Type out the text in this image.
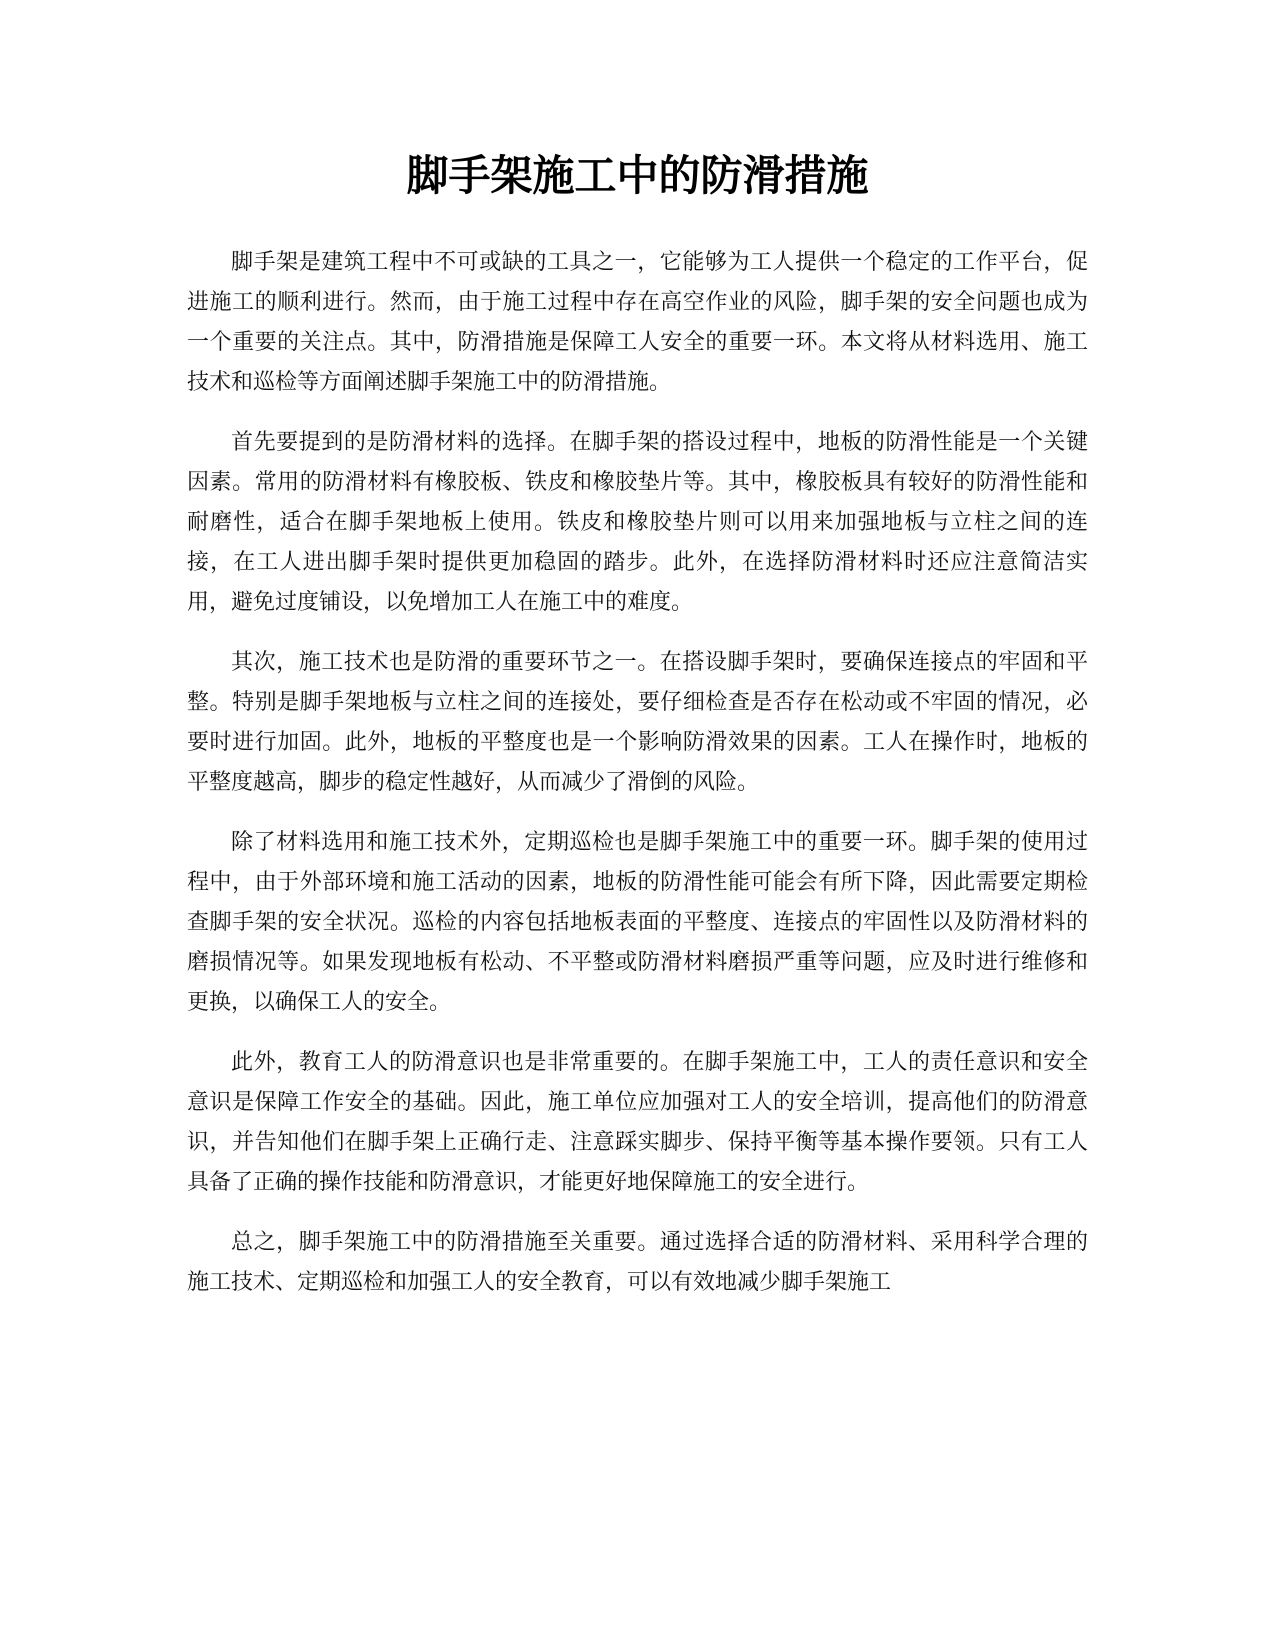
脚手架施工中的防滑措施

脚手架是建筑工程中不可或缺的工具之一，它能够为工人提供一个稳定的工作平台，促进施工的顺利进行。然而，由于施工过程中存在高空作业的风险，脚手架的安全问题也成为一个重要的关注点。其中，防滑措施是保障工人安全的重要一环。本文将从材料选用、施工技术和巡检等方面阐述脚手架施工中的防滑措施。

首先要提到的是防滑材料的选择。在脚手架的搭设过程中，地板的防滑性能是一个关键因素。常用的防滑材料有橡胶板、铁皮和橡胶垫片等。其中，橡胶板具有较好的防滑性能和耐磨性，适合在脚手架地板上使用。铁皮和橡胶垫片则可以用来加强地板与立柱之间的连接，在工人进出脚手架时提供更加稳固的踏步。此外，在选择防滑材料时还应注意简洁实用，避免过度铺设，以免增加工人在施工中的难度。

其次，施工技术也是防滑的重要环节之一。在搭设脚手架时，要确保连接点的牢固和平整。特别是脚手架地板与立柱之间的连接处，要仔细检查是否存在松动或不牢固的情况，必要时进行加固。此外，地板的平整度也是一个影响防滑效果的因素。工人在操作时，地板的平整度越高，脚步的稳定性越好，从而减少了滑倒的风险。

除了材料选用和施工技术外，定期巡检也是脚手架施工中的重要一环。脚手架的使用过程中，由于外部环境和施工活动的因素，地板的防滑性能可能会有所下降，因此需要定期检查脚手架的安全状况。巡检的内容包括地板表面的平整度、连接点的牢固性以及防滑材料的磨损情况等。如果发现地板有松动、不平整或防滑材料磨损严重等问题，应及时进行维修和更换，以确保工人的安全。

此外，教育工人的防滑意识也是非常重要的。在脚手架施工中，工人的责任意识和安全意识是保障工作安全的基础。因此，施工单位应加强对工人的安全培训，提高他们的防滑意识，并告知他们在脚手架上正确行走、注意踩实脚步、保持平衡等基本操作要领。只有工人具备了正确的操作技能和防滑意识，才能更好地保障施工的安全进行。

总之，脚手架施工中的防滑措施至关重要。通过选择合适的防滑材料、采用科学合理的施工技术、定期巡检和加强工人的安全教育，可以有效地减少脚手架施工
